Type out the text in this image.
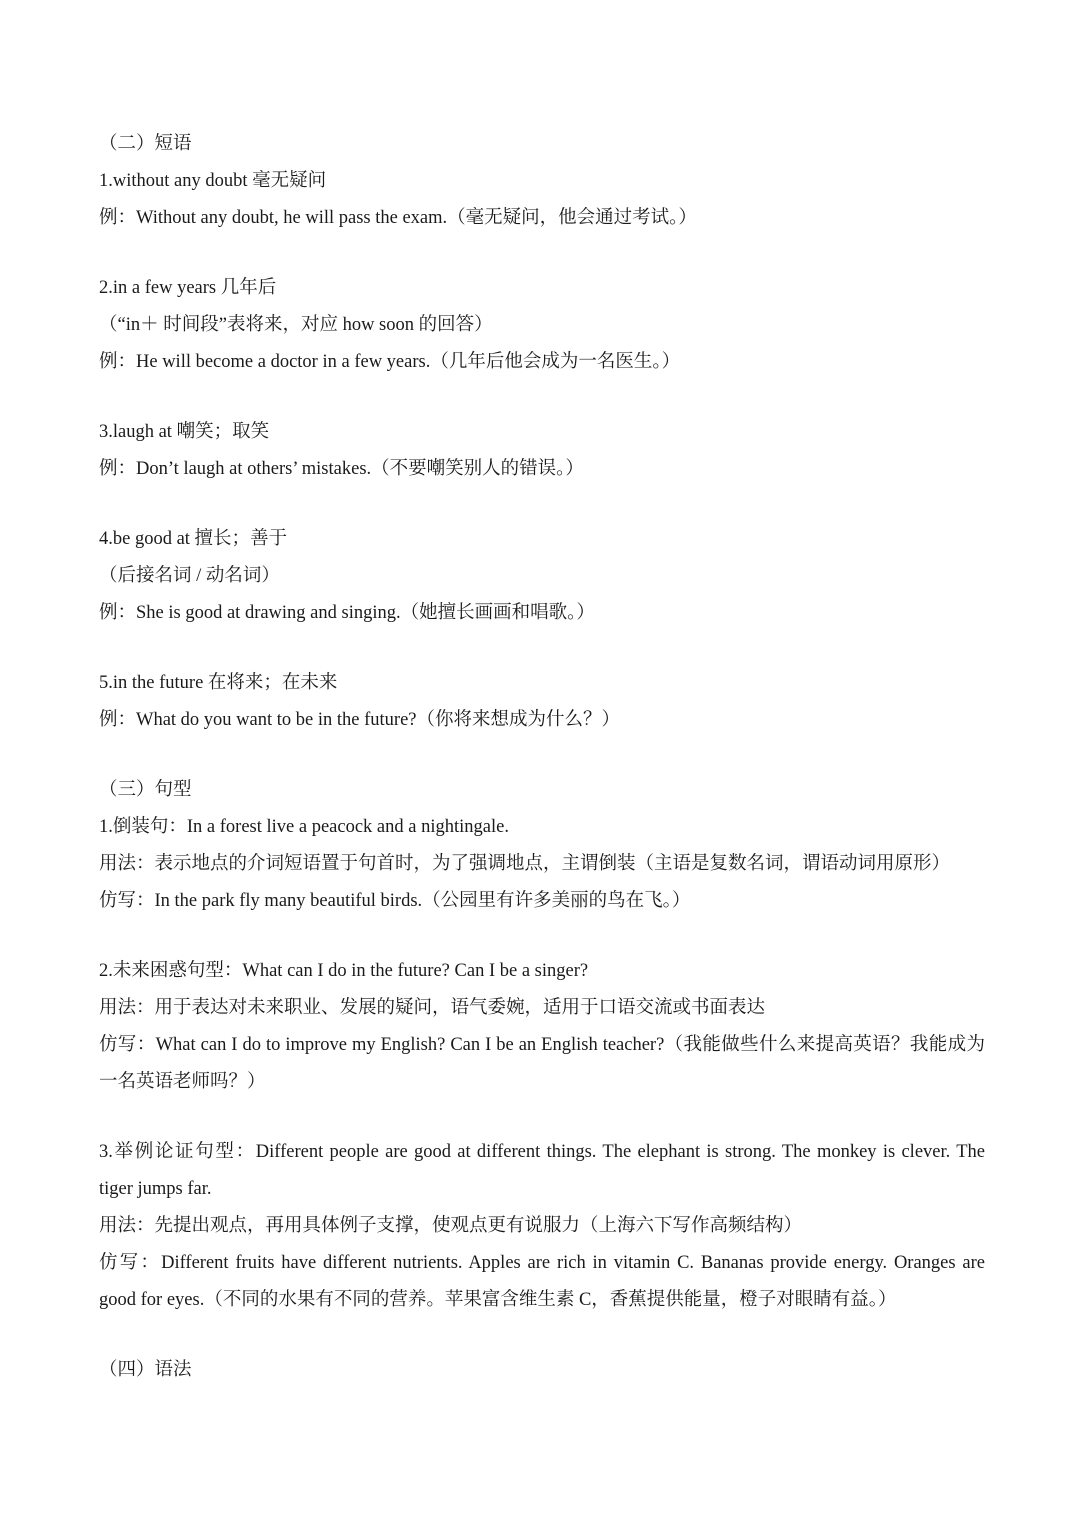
（二）短语
1.without any doubt 毫无疑问
例：Without any doubt, he will pass the exam.（毫无疑问，他会通过考试。）
2.in a few years 几年后
（“in＋ 时间段”表将来，对应 how soon 的回答）
例：He will become a doctor in a few years.（几年后他会成为一名医生。）
3.laugh at 嘲笑；取笑
例：Don’t laugh at others’ mistakes.（不要嘲笑别人的错误。）
4.be good at 擅长；善于
（后接名词 / 动名词）
例：She is good at drawing and singing.（她擅长画画和唱歌。）
5.in the future 在将来；在未来
例：What do you want to be in the future?（你将来想成为什么？）
（三）句型
1.倒装句：In a forest live a peacock and a nightingale.
用法：表示地点的介词短语置于句首时，为了强调地点，主谓倒装（主语是复数名词，谓语动词用原形）
仿写：In the park fly many beautiful birds.（公园里有许多美丽的鸟在飞。）
2.未来困惑句型：What can I do in the future? Can I be a singer?
用法：用于表达对未来职业、发展的疑问，语气委婉，适用于口语交流或书面表达
仿写：What can I do to improve my English? Can I be an English teacher?（我能做些什么来提高英语？我能成为一名英语老师吗？）
3.举例论证句型：Different people are good at different things. The elephant is strong. The monkey is clever. The tiger jumps far.
用法：先提出观点，再用具体例子支撑，使观点更有说服力（上海六下写作高频结构）
仿写：Different fruits have different nutrients. Apples are rich in vitamin C. Bananas provide energy. Oranges are good for eyes.（不同的水果有不同的营养。苹果富含维生素 C，香蕉提供能量，橙子对眼睛有益。）
（四）语法
